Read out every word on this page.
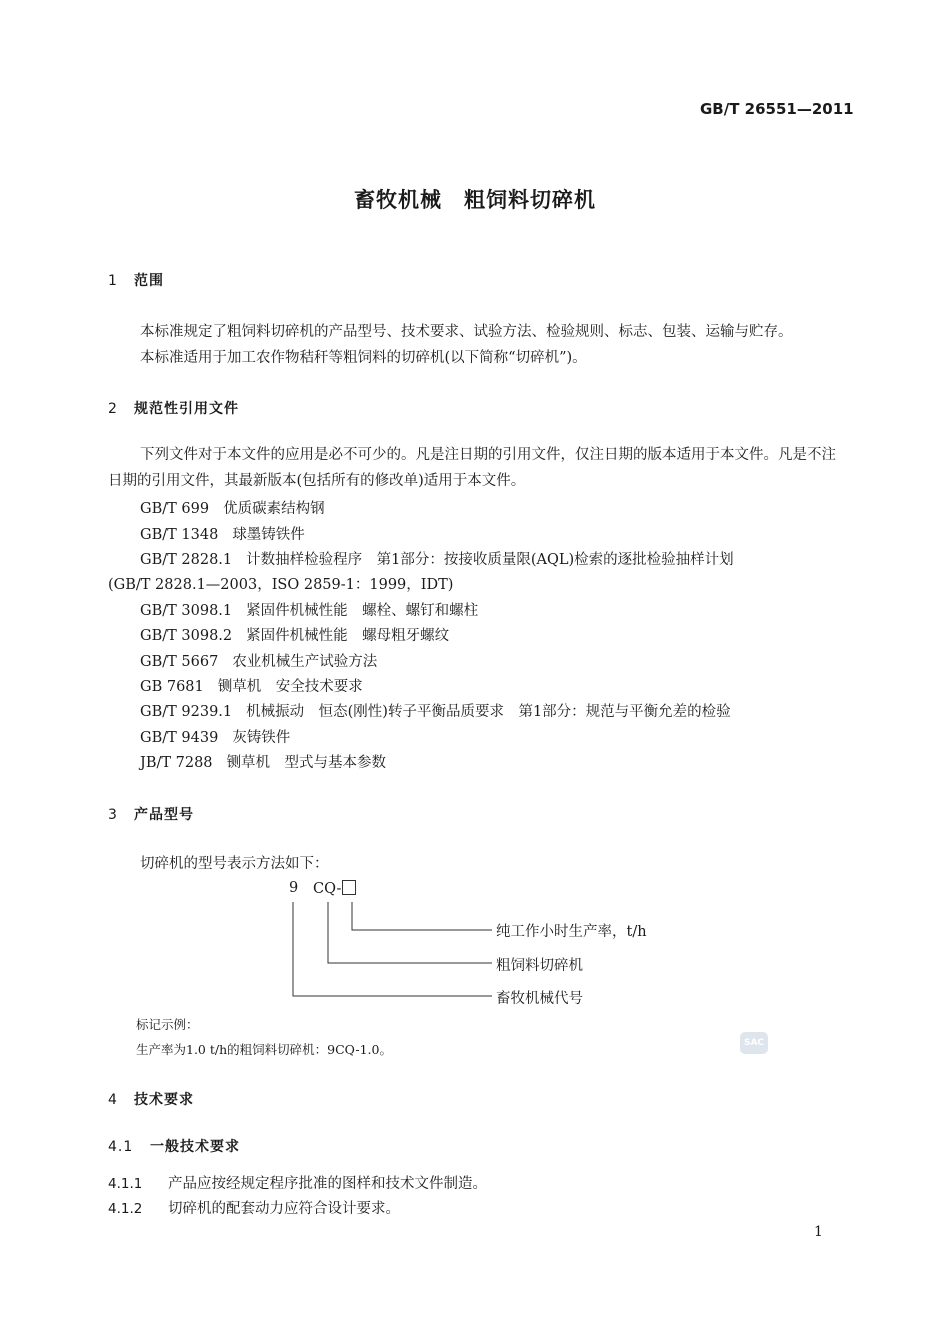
GB/T 26551—2011
畜牧机械　粗饲料切碎机
1 范围
本标准规定了粗饲料切碎机的产品型号、技术要求、试验方法、检验规则、标志、包装、运输与贮存。
本标准适用于加工农作物秸秆等粗饲料的切碎机(以下简称“切碎机”)。
2 规范性引用文件
下列文件对于本文件的应用是必不可少的。凡是注日期的引用文件，仅注日期的版本适用于本文件。凡是不注日期的引用文件，其最新版本(包括所有的修改单)适用于本文件。
GB/T 699 优质碳素结构钢
GB/T 1348 球墨铸铁件
GB/T 2828.1 计数抽样检验程序　第1部分：按接收质量限(AQL)检索的逐批检验抽样计划
(GB/T 2828.1—2003，ISO 2859-1：1999，IDT)
GB/T 3098.1 紧固件机械性能　螺栓、螺钉和螺柱
GB/T 3098.2 紧固件机械性能　螺母粗牙螺纹
GB/T 5667 农业机械生产试验方法
GB 7681 铡草机　安全技术要求
GB/T 9239.1 机械振动　恒态(刚性)转子平衡品质要求　第1部分：规范与平衡允差的检验
GB/T 9439 灰铸铁件
JB/T 7288 铡草机　型式与基本参数
3 产品型号
切碎机的型号表示方法如下：
9 CQ-
纯工作小时生产率，t/h
粗饲料切碎机
畜牧机械代号
标记示例：
生产率为1.0 t/h的粗饲料切碎机：9CQ-1.0。	SAC
4 技术要求
4.1 一般技术要求
4.1.1 产品应按经规定程序批准的图样和技术文件制造。
4.1.2 切碎机的配套动力应符合设计要求。
1
